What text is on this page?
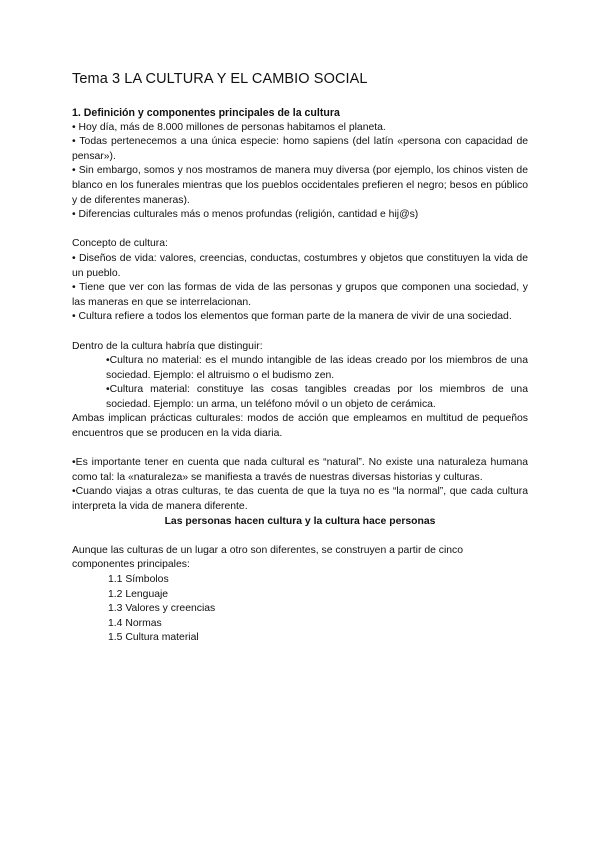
Tema 3 LA CULTURA Y EL CAMBIO SOCIAL
1. Definición y componentes principales de la cultura

• Hoy día, más de 8.000 millones de personas habitamos el planeta.

• Todas pertenecemos a una única especie: homo sapiens (del latín «persona con capacidad de pensar»).

• Sin embargo, somos y nos mostramos de manera muy diversa (por ejemplo, los chinos visten de blanco en los funerales mientras que los pueblos occidentales prefieren el negro; besos en público y de diferentes maneras).

• Diferencias culturales más o menos profundas (religión, cantidad e hij@s)

Concepto de cultura:

• Diseños de vida: valores, creencias, conductas, costumbres y objetos que constituyen la vida de un pueblo.

• Tiene que ver con las formas de vida de las personas y grupos que componen una sociedad, y las maneras en que se interrelacionan.

• Cultura refiere a todos los elementos que forman parte de la manera de vivir de una sociedad.

Dentro de la cultura habría que distinguir:

•Cultura no material: es el mundo intangible de las ideas creado por los miembros de una sociedad. Ejemplo: el altruismo o el budismo zen.

•Cultura material: constituye las cosas tangibles creadas por los miembros de una sociedad. Ejemplo: un arma, un teléfono móvil o un objeto de cerámica.

Ambas implican prácticas culturales: modos de acción que empleamos en multitud de pequeños encuentros que se producen en la vida diaria.

•Es importante tener en cuenta que nada cultural es “natural”. No existe una naturaleza humana como tal: la «naturaleza» se manifiesta a través de nuestras diversas historias y culturas.

•Cuando viajas a otras culturas, te das cuenta de que la tuya no es “la normal”, que cada cultura interpreta la vida de manera diferente.

Las personas hacen cultura y la cultura hace personas

Aunque las culturas de un lugar a otro son diferentes, se construyen a partir de cinco componentes principales:

1.1 Símbolos

1.2 Lenguaje

1.3 Valores y creencias

1.4 Normas

1.5 Cultura material
